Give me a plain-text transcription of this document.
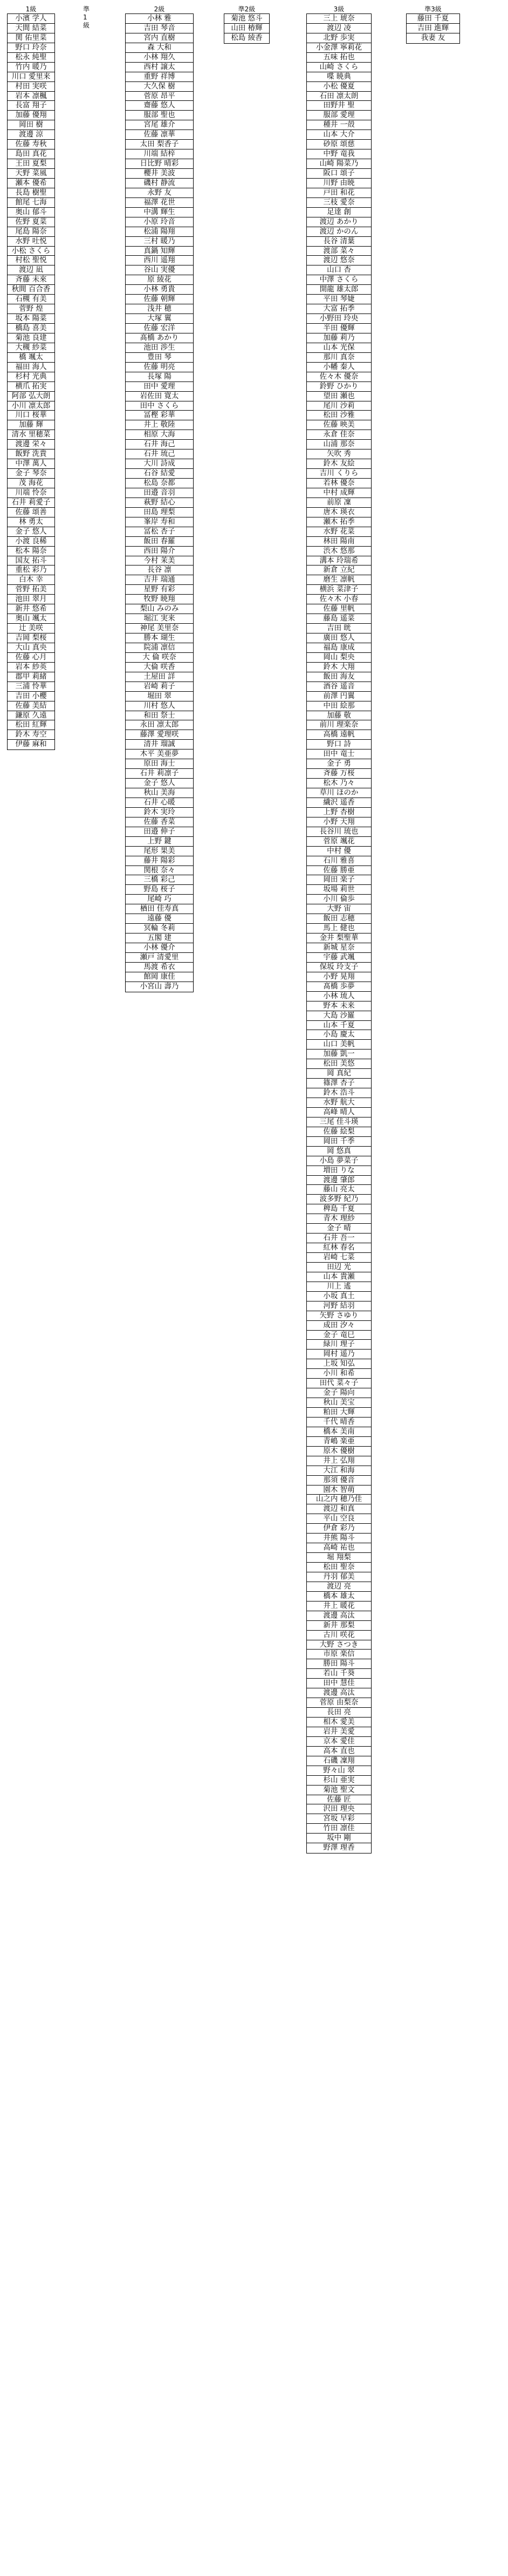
1級
小濱 学人
天間 結菜
関 佑里菜
野口 玲奈
松永 純聖
竹内 暖乃
川口 愛里来
村田 実咲
岩本 凛楓
長富 翔子
加藤 優翔
岡田 樹
渡邊 涼
佐藤 寿秋
島田 真花
王田 夏梨
天野 菜風
瀬本 優希
長島 樹聖
館尾 七海
奥山 郁斗
佐野 夏菜
尾島 陽奈
水野 吐悦
小松 さくら
村松 聖悦
渡辺 凪
斉藤 未來
秋間 百合香
石槻 有美
菅野 煌
坂本 陽菜
橋島 喜美
菊池 良建
大槻 紗菜
橋 颯太
福田 海人
杉村 光典
横爪 拓実
阿部 弘大朗
小川 凛太郎
川口 桜華
加藤 輝
清水 里穂菜
渡邊 栄々
飯野 洗貴
中澤 萬人
金子 琴奈
茂 海花
川端 怜奈
石井 莉愛子
佐藤 頌善
林 勇太
金子 悠人
小渡 良稀
松本 陽奈
国友 拓斗
重松 彩乃
白木 幸
菅野 拓美
池田 翠月
新井 悠希
奥山 颯太
辻 美咲
吉岡 梨桜
大山 真央
佐藤 心月
岩本 紗英
郡甲 莉緒
三浦 怜華
吉田 小櫻
佐藤 美結
鎌原 久遠
松田 紅輝
鈴木 寿空
伊藤 麻和
準1級
2級
小林 雅
吉田 琴音
宮内 直樹
森 大和
小林 翔久
西村 譲太
重野 祥博
大久保 樹
菅原 昂平
齋藤 悠人
服部 聖也
宮尾 雄介
佐藤 凛華
太田 梨香子
川端 結梓
日比野 晴彩
櫻井 美波
磯村 静流
永野 友
福澤 花世
中溝 輝生
小原 玲音
松浦 陽翔
三村 暖乃
真鍋 知輝
西川 遥翔
谷山 実優
原 綾花
小林 勇貴
佐藤 朝輝
浅井 穂
大塚 翼
佐藤 宏洋
髙橋 あかり
池田 渉生
豊田 琴
佐藤 明亮
長塚 陽
田中 愛理
岩佐田 寛太
田中 さくら
冨樫 彩華
井上 敬陸
相原 大海
石井 海己
石井 琉己
大川 詩成
石谷 結愛
松島 奈都
田邉 音羽
萩野 結心
田島 理梨
峯岸 寿和
冨松 杏子
飯田 春羅
西田 陽介
今村 茉美
長谷 凛
吉井 瑞通
星野 有彩
牧野 暁翔
梨山 みのみ
堀江 実来
神尾 美里奈
勝本 瑚生
院浦 凛信
大 倫 咲奈
大倫 咲香
土屋田 詳
岩崎 莉子
堀田 翠
川村 悠人
和田 祭士
永田 凛太郎
藤澤 愛理咲
清井 瑠誠
木平 美亜夢
原田 海士
石井 莉凛子
金子 悠人
秋山 美海
石井 心暖
鈴木 実玲
佐藤 香菜
田邉 伸子
上野 鍵
尾形 果美
藤井 陽彩
関根 奈々
三橋 彩己
野島 桜子
尾崎 巧
楢田 佳寿真
遠藤 優
冥輪 冬莉
五閣 建
小林 優介
瀬戸 清愛里
馬渡 希衣
館岡 康佳
小宮山 壽乃
準2級
菊池 悠斗
山田 椿輝
松島 綾香
3級
三上 琥奈
渡辺 凌
北野 歩実
小金澤 寧莉花
五味 拓也
山崎 さくら
喋 暁典
小松 優夏
石田 凛太朗
田野井 聖
服部 愛理
種井 一殻
山本 大介
砂原 頌慈
中野 竜我
山崎 陽菜乃
阪口 頌子
川野 由暁
戸田 和花
三枝 愛奈
足達 創
渡辺 あかり
渡辺 かのん
長谷 清葉
渡部 菜々
渡辺 悠奈
山口 杏
中澤 さくら
開龍 雄太郎
平田 琴婕
大富 拓季
小野田 玲央
半田 優輝
加藤 莉乃
山本 光保
那川 真奈
小幡 秦人
佐々木 優奈
鈴野 ひかり
望田 瀬也
尾川 沙莉
松田 沙雅
佐藤 映美
永倉 佳奈
山浦 那奈
矢吹 秀
鈴木 友絵
吉川 くりら
若林 優奈
中村 成輝
前原 凜
唐木 瑛衣
瀬木 拓季
水野 花菜
林田 陽南
渋木 悠那
溝本 玲瑞希
新倉 立紀
磨生 凛帆
横浜 菜津子
佐々木 小春
佐藤 里帆
藤島 遥菜
吉田 晄
廣田 悠人
福島 康成
岡山 梨央
鈴木 大翔
飯田 海友
酒谷 遥音
前澤 円翼
中田 絵那
加藤 敬
前川 理楽奈
高橋 遠帆
野口 詩
田中 竜士
金子 勇
斉藤 万桜
松木 乃々
草川 ほのか
繊沢 遥香
上野 杏樹
小野 天翔
長谷川 琉也
菅原 颯花
中村 優
石川 雅喜
佐藤 勝亜
岡田 楽子
坂場 莉世
小川 倫歩
大野 宙
飯田 志穂
馬上 健也
金井 梨聖華
新城 星奈
宇藤 武颯
保坂 玲支子
小野 晃翔
髙橋 歩夢
小林 琉人
野本 未来
大島 沙羅
山本 千夏
小島 慶太
山口 美帆
加藤 凱一
松田 美悠
岡 真紀
篠澤 杏子
鈴木 浩斗
水野 航大
高峰 晴人
三尾 佳斗瑛
佐藤 絵梨
岡田 千季
岡 悠真
小島 夢菜子
増田 りな
渡邊 肇郎
藤山 亮太
波多野 紀乃
稗島 千夏
青木 理紗
金子 晴
石井 吾一
紅林 春名
岩崎 七菜
田辺 光
山本 貴瀬
川上 遙
小坂 真土
河野 結羽
矢野 さゆり
成田 汐々
金子 竜巳
緑川 理子
岡村 遥乃
上坂 知弘
小川 和希
田代 菜々子
金子 陽向
秋山 美宝
粕田 大輝
千代 晴香
橋本 美南
青嶋 楽亜
原木 優樹
井上 弘翔
大江 和海
那須 優音
園木 智萌
山之内 穂乃佳
渡辺 和真
平山 空良
伊倉 彩乃
井熊 陽斗
高崎 祐也
堀 翔梨
松田 聖奈
丹羽 郁美
渡辺 亮
橋本 雄太
井上 暖花
渡邊 高汰
新井 那梨
古川 咲花
大野 さつき
市原 楽信
勝田 陽斗
若山 千葵
田中 慧佳
渡邊 高汰
菅原 由梨奈
長田 亮
相木 愛美
岩井 美愛
京本 愛佳
高本 直也
石磯 凜翔
野々山 翠
杉山 亜実
菊池 聖文
佐藤 匠
沢田 理央
宮坂 早彩
竹田 凛佳
坂中 剛
野澤 理香
準3級
藤田 千夏
吉田 進輝
我妻 友
